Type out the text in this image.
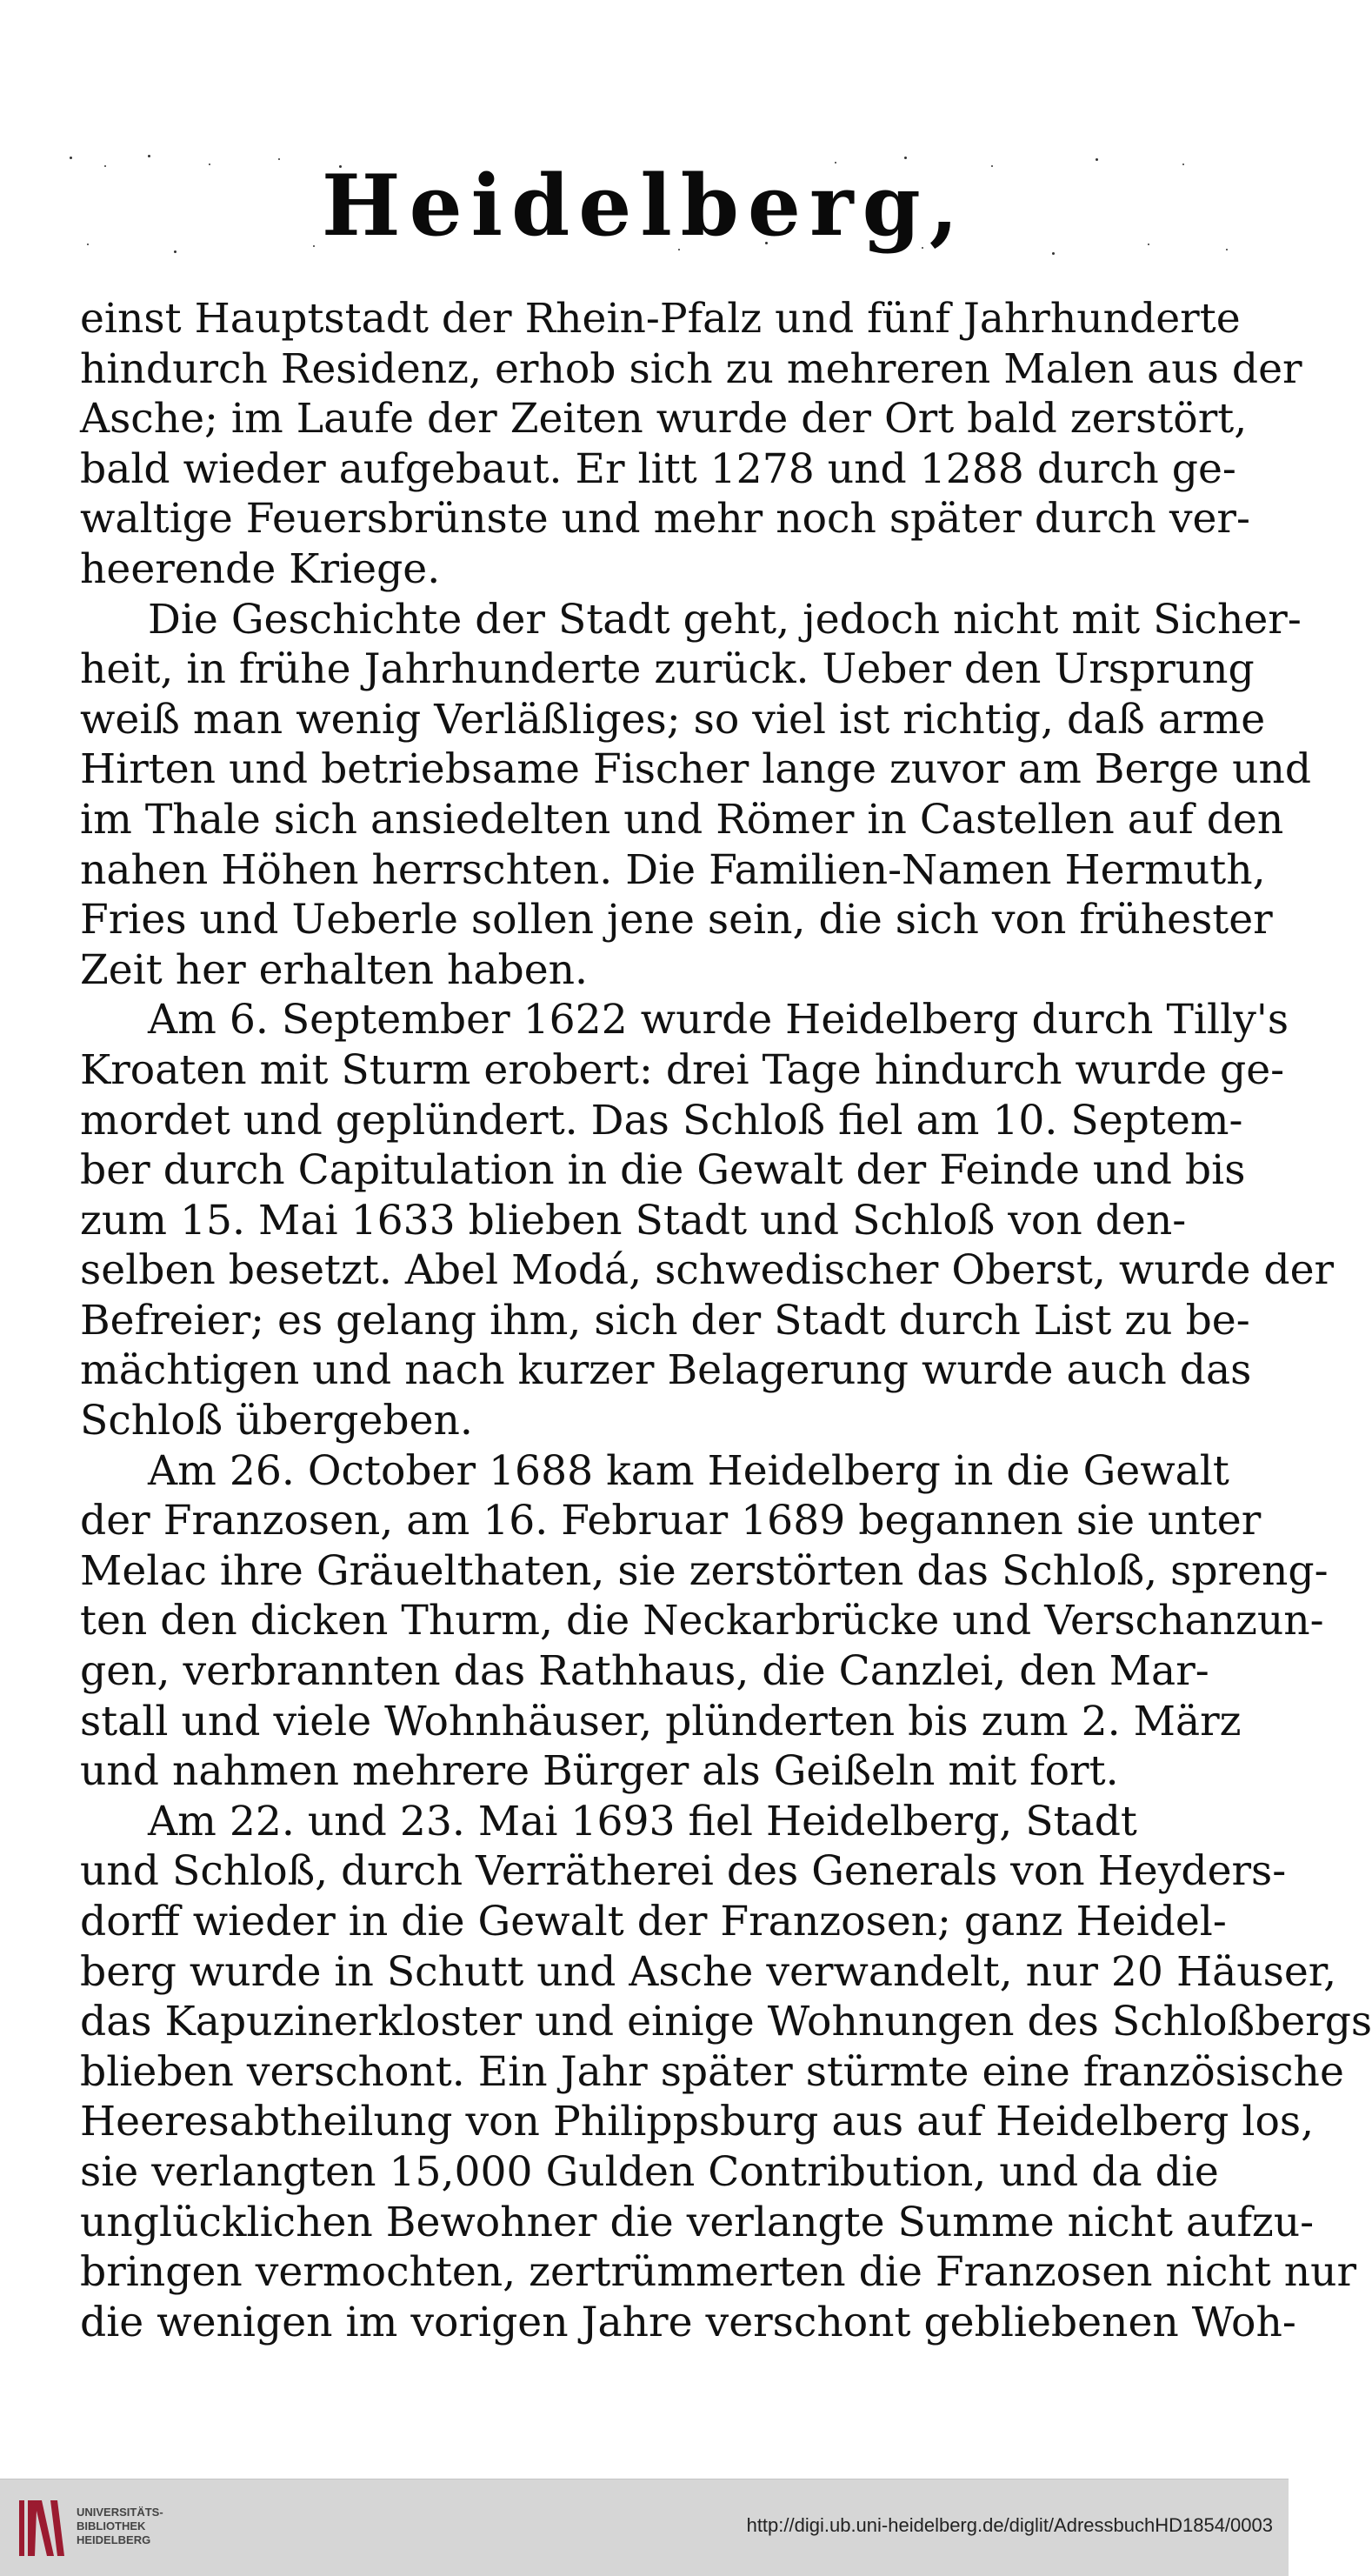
Heidelberg,
einst Hauptstadt der Rhein-Pfalz und fünf Jahrhunderte
hindurch Residenz, erhob sich zu mehreren Malen aus der
Asche; im Laufe der Zeiten wurde der Ort bald zerstört,
bald wieder aufgebaut. Er litt 1278 und 1288 durch ge-
waltige Feuersbrünste und mehr noch später durch ver-
heerende Kriege.
Die Geschichte der Stadt geht, jedoch nicht mit Sicher-
heit, in frühe Jahrhunderte zurück. Ueber den Ursprung
weiß man wenig Verläßliges; so viel ist richtig, daß arme
Hirten und betriebsame Fischer lange zuvor am Berge und
im Thale sich ansiedelten und Römer in Castellen auf den
nahen Höhen herrschten. Die Familien-Namen Hermuth,
Fries und Ueberle sollen jene sein, die sich von frühester
Zeit her erhalten haben.
Am 6. September 1622 wurde Heidelberg durch Tilly's
Kroaten mit Sturm erobert: drei Tage hindurch wurde ge-
mordet und geplündert. Das Schloß fiel am 10. Septem-
ber durch Capitulation in die Gewalt der Feinde und bis
zum 15. Mai 1633 blieben Stadt und Schloß von den-
selben besetzt. Abel Modá, schwedischer Oberst, wurde der
Befreier; es gelang ihm, sich der Stadt durch List zu be-
mächtigen und nach kurzer Belagerung wurde auch das
Schloß übergeben.
Am 26. October 1688 kam Heidelberg in die Gewalt
der Franzosen, am 16. Februar 1689 begannen sie unter
Melac ihre Gräuelthaten, sie zerstörten das Schloß, spreng-
ten den dicken Thurm, die Neckarbrücke und Verschanzun-
gen, verbrannten das Rathhaus, die Canzlei, den Mar-
stall und viele Wohnhäuser, plünderten bis zum 2. März
und nahmen mehrere Bürger als Geißeln mit fort.
Am 22. und 23. Mai 1693 fiel Heidelberg, Stadt
und Schloß, durch Verrätherei des Generals von Heyders-
dorff wieder in die Gewalt der Franzosen; ganz Heidel-
berg wurde in Schutt und Asche verwandelt, nur 20 Häuser,
das Kapuzinerkloster und einige Wohnungen des Schloßbergs
blieben verschont. Ein Jahr später stürmte eine französische
Heeresabtheilung von Philippsburg aus auf Heidelberg los,
sie verlangten 15,000 Gulden Contribution, und da die
unglücklichen Bewohner die verlangte Summe nicht aufzu-
bringen vermochten, zertrümmerten die Franzosen nicht nur
die wenigen im vorigen Jahre verschont gebliebenen Woh-
UNIVERSITÄTS-
BIBLIOTHEK
HEIDELBERG
http://digi.ub.uni-heidelberg.de/diglit/AdressbuchHD1854/0003
